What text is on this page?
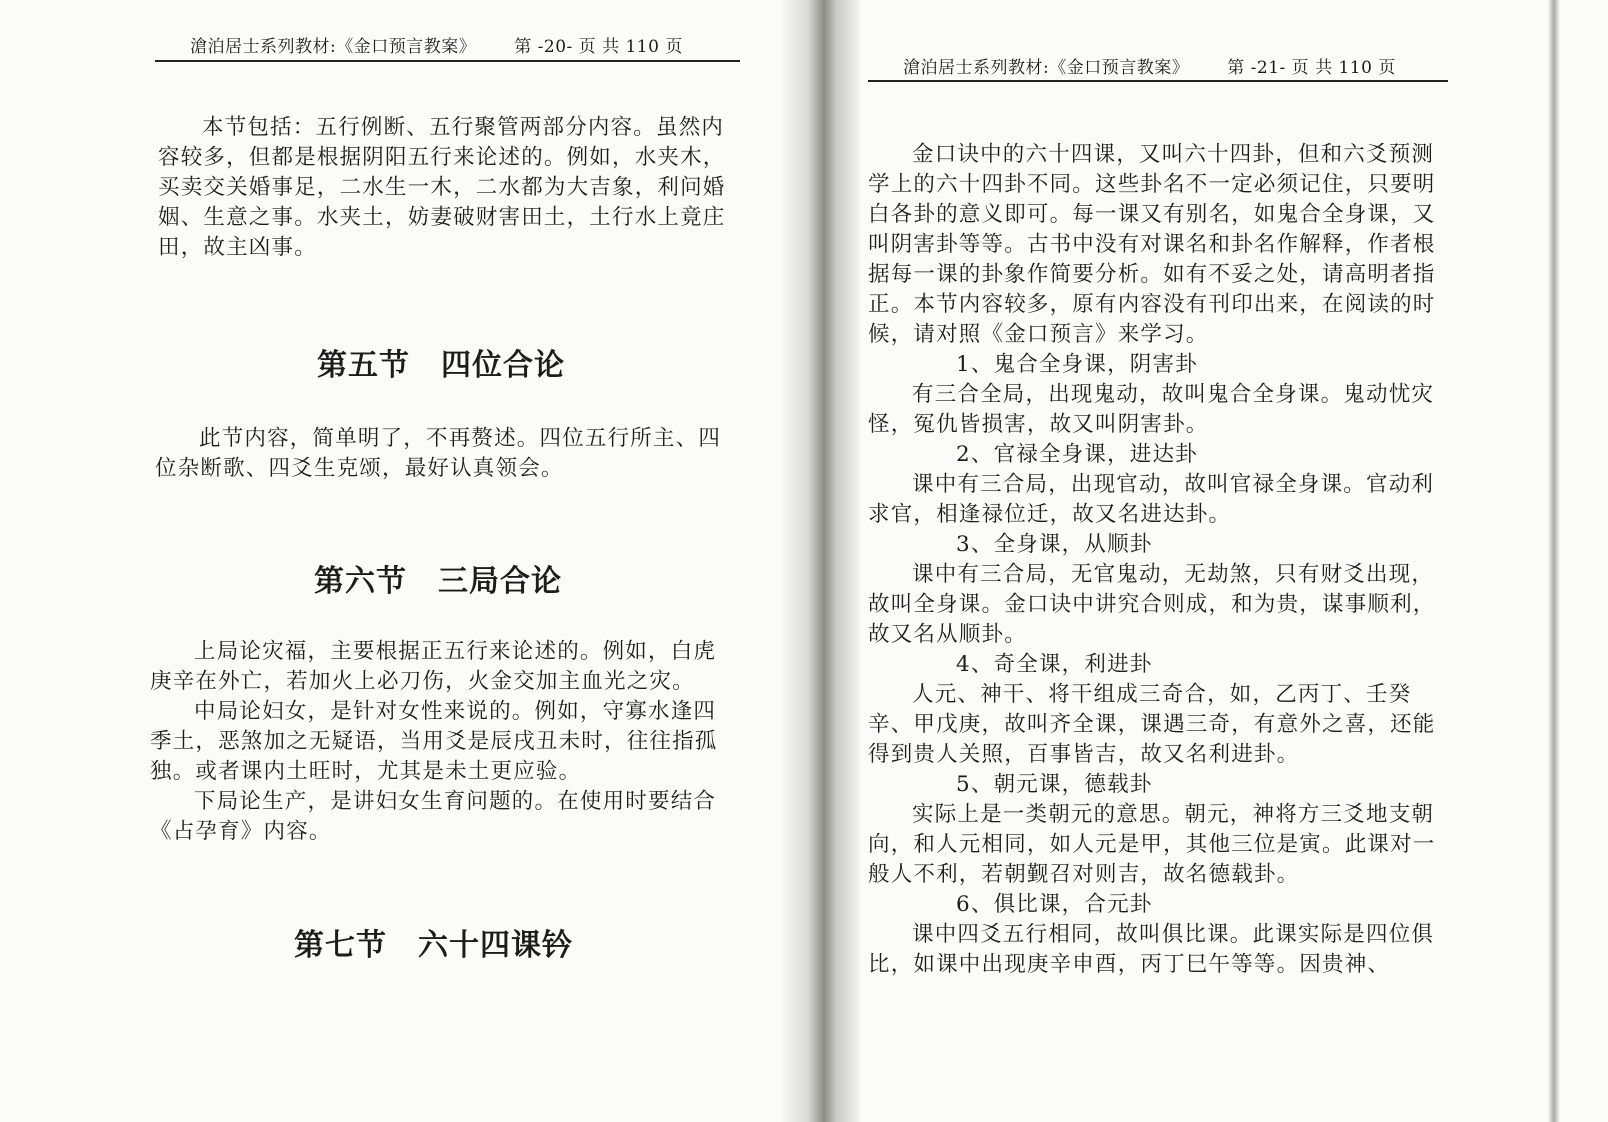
滄泊居士系列教材:《金口预言教案》 第 -20- 页 共 110 页

本节包括：五行例断、五行聚管两部分内容。虽然内容较多，但都是根据阴阳五行来论述的。例如，水夹木，买卖交关婚事足，二水生一木，二水都为大吉象，利问婚姻、生意之事。水夹土，妨妻破财害田土，土行水上竟庄田，故主凶事。

第五节　四位合论

此节内容，简单明了，不再赘述。四位五行所主、四位杂断歌、四爻生克颂，最好认真领会。

第六节　三局合论

上局论灾福，主要根据正五行来论述的。例如，白虎庚辛在外亡，若加火上必刀伤，火金交加主血光之灾。

中局论妇女，是针对女性来说的。例如，守寡水逢四季土，恶煞加之无疑语，当用爻是辰戌丑未时，往往指孤独。或者课内土旺时，尤其是未土更应验。

下局论生产，是讲妇女生育问题的。在使用时要结合《占孕育》内容。

第七节　六十四课钤
滄泊居士系列教材:《金口预言教案》 第 -21- 页 共 110 页

金口诀中的六十四课，又叫六十四卦，但和六爻预测学上的六十四卦不同。这些卦名不一定必须记住，只要明白各卦的意义即可。每一课又有别名，如鬼合全身课，又叫阴害卦等等。古书中没有对课名和卦名作解释，作者根据每一课的卦象作简要分析。如有不妥之处，请高明者指正。本节内容较多，原有内容没有刊印出来，在阅读的时候，请对照《金口预言》来学习。

1、鬼合全身课，阴害卦

有三合全局，出现鬼动，故叫鬼合全身课。鬼动忧灾怪，冤仇皆损害，故又叫阴害卦。

2、官禄全身课，进达卦

课中有三合局，出现官动，故叫官禄全身课。官动利求官，相逢禄位迁，故又名进达卦。

3、全身课，从顺卦

课中有三合局，无官鬼动，无劫煞，只有财爻出现，故叫全身课。金口诀中讲究合则成，和为贵，谋事顺利，故又名从顺卦。

4、奇全课，利进卦

人元、神干、将干组成三奇合，如，乙丙丁、壬癸辛、甲戊庚，故叫齐全课，课遇三奇，有意外之喜，还能得到贵人关照，百事皆吉，故又名利进卦。

5、朝元课，德载卦

实际上是一类朝元的意思。朝元，神将方三爻地支朝向，和人元相同，如人元是甲，其他三位是寅。此课对一般人不利，若朝觐召对则吉，故名德载卦。

6、俱比课，合元卦

课中四爻五行相同，故叫俱比课。此课实际是四位俱比，如课中出现庚辛申酉，丙丁巳午等等。因贵神、
